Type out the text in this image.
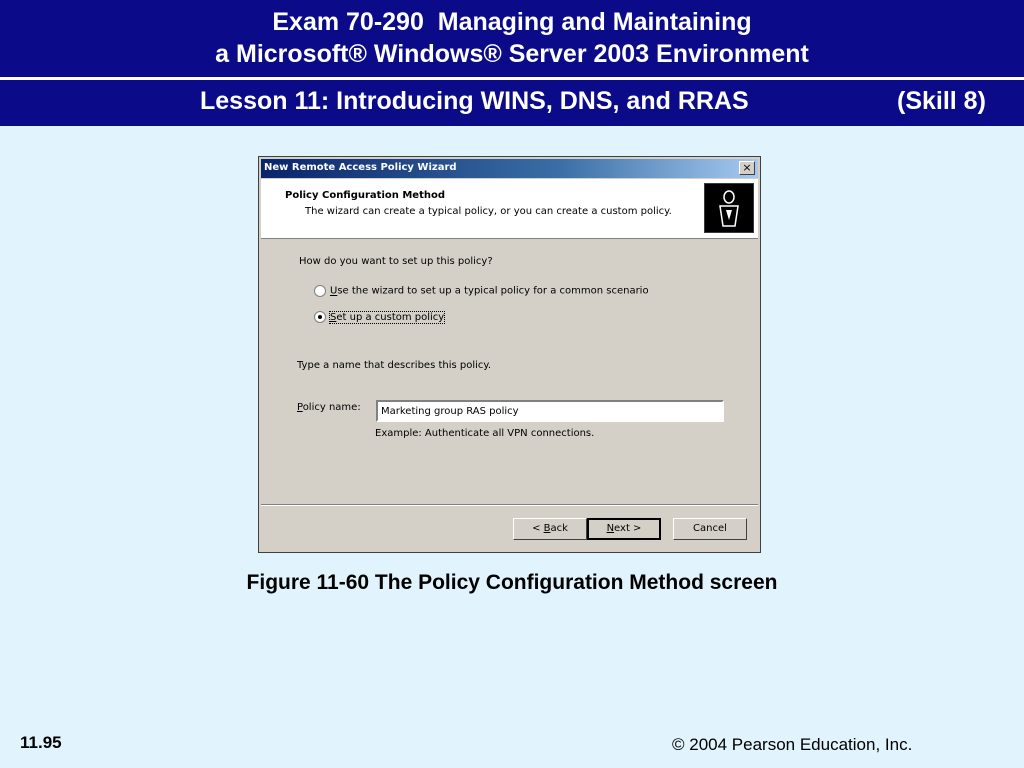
Exam 70-290  Managing and Maintaining
a Microsoft® Windows® Server 2003 Environment
Lesson 11: Introducing WINS, DNS, and RRAS	(Skill 8)
New Remote Access Policy Wizard	×
Policy Configuration Method
The wizard can create a typical policy, or you can create a custom policy.
How do you want to set up this policy?
Use the wizard to set up a typical policy for a common scenario
Set up a custom policy
Type a name that describes this policy.
Policy name:
Marketing group RAS policy
Example: Authenticate all VPN connections.
< Back	Next >	Cancel
Figure 11-60 The Policy Configuration Method screen
11.95	© 2004 Pearson Education, Inc.
